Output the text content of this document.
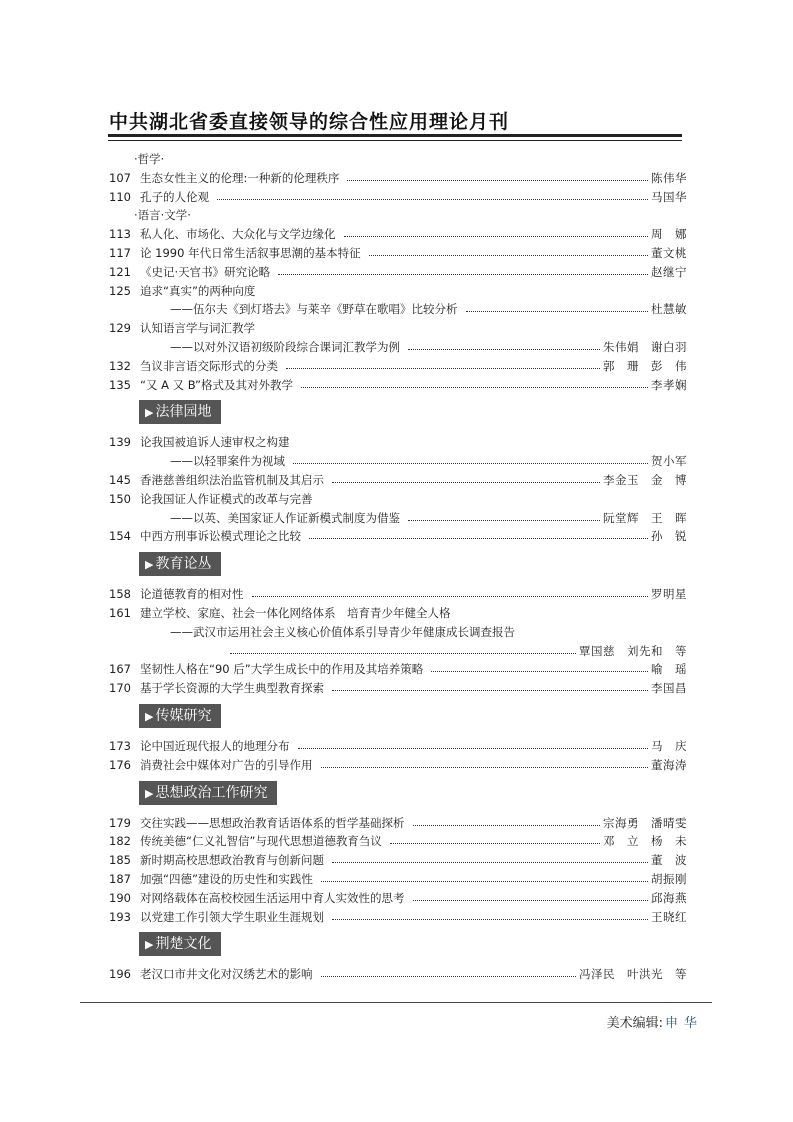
中共湖北省委直接领导的综合性应用理论月刊
·哲学·
107 生态女性主义的伦理:一种新的伦理秩序	陈伟华
110 孔子的人伦观	马国华
·语言·文学·
113 私人化、市场化、大众化与文学边缘化	周　娜
117 论 1990 年代日常生活叙事思潮的基本特征	董文桃
121 《史记·天官书》研究论略	赵继宁
125 追求“真实”的两种向度
——伍尔夫《到灯塔去》与莱辛《野草在歌唱》比较分析	杜慧敏
129 认知语言学与词汇教学
——以对外汉语初级阶段综合课词汇教学为例	朱伟娟　谢白羽
132 刍议非言语交际形式的分类	郭　珊　彭　伟
135 “又 A 又 B”格式及其对外教学	李孝娴
▶ 法律园地
139 论我国被追诉人速审权之构建
——以轻罪案件为视域	贺小军
145 香港慈善组织法治监管机制及其启示	李金玉　金　博
150 论我国证人作证模式的改革与完善
——以英、美国家证人作证新模式制度为借鉴	阮堂辉　王　晖
154 中西方刑事诉讼模式理论之比较	孙　锐
▶ 教育论丛
158 论道德教育的相对性	罗明星
161 建立学校、家庭、社会一体化网络体系　培育青少年健全人格
——武汉市运用社会主义核心价值体系引导青少年健康成长调查报告
覃国慈　刘先和　等
167 坚韧性人格在“90 后”大学生成长中的作用及其培养策略	喻　瑶
170 基于学长资源的大学生典型教育探索	李国昌
▶ 传媒研究
173 论中国近现代报人的地理分布	马　庆
176 消费社会中媒体对广告的引导作用	董海涛
▶ 思想政治工作研究
179 交往实践——思想政治教育话语体系的哲学基础探析	宗海勇　潘晴雯
182 传统美德“仁义礼智信”与现代思想道德教育刍议	邓　立　杨　未
185 新时期高校思想政治教育与创新问题	董　波
187 加强“四德”建设的历史性和实践性	胡振刚
190 对网络载体在高校校园生活运用中育人实效性的思考	邱海燕
193 以党建工作引领大学生职业生涯规划	王晓红
▶ 荆楚文化
196 老汉口市井文化对汉绣艺术的影响	冯泽民　叶洪光　等
美术编辑: 申华
